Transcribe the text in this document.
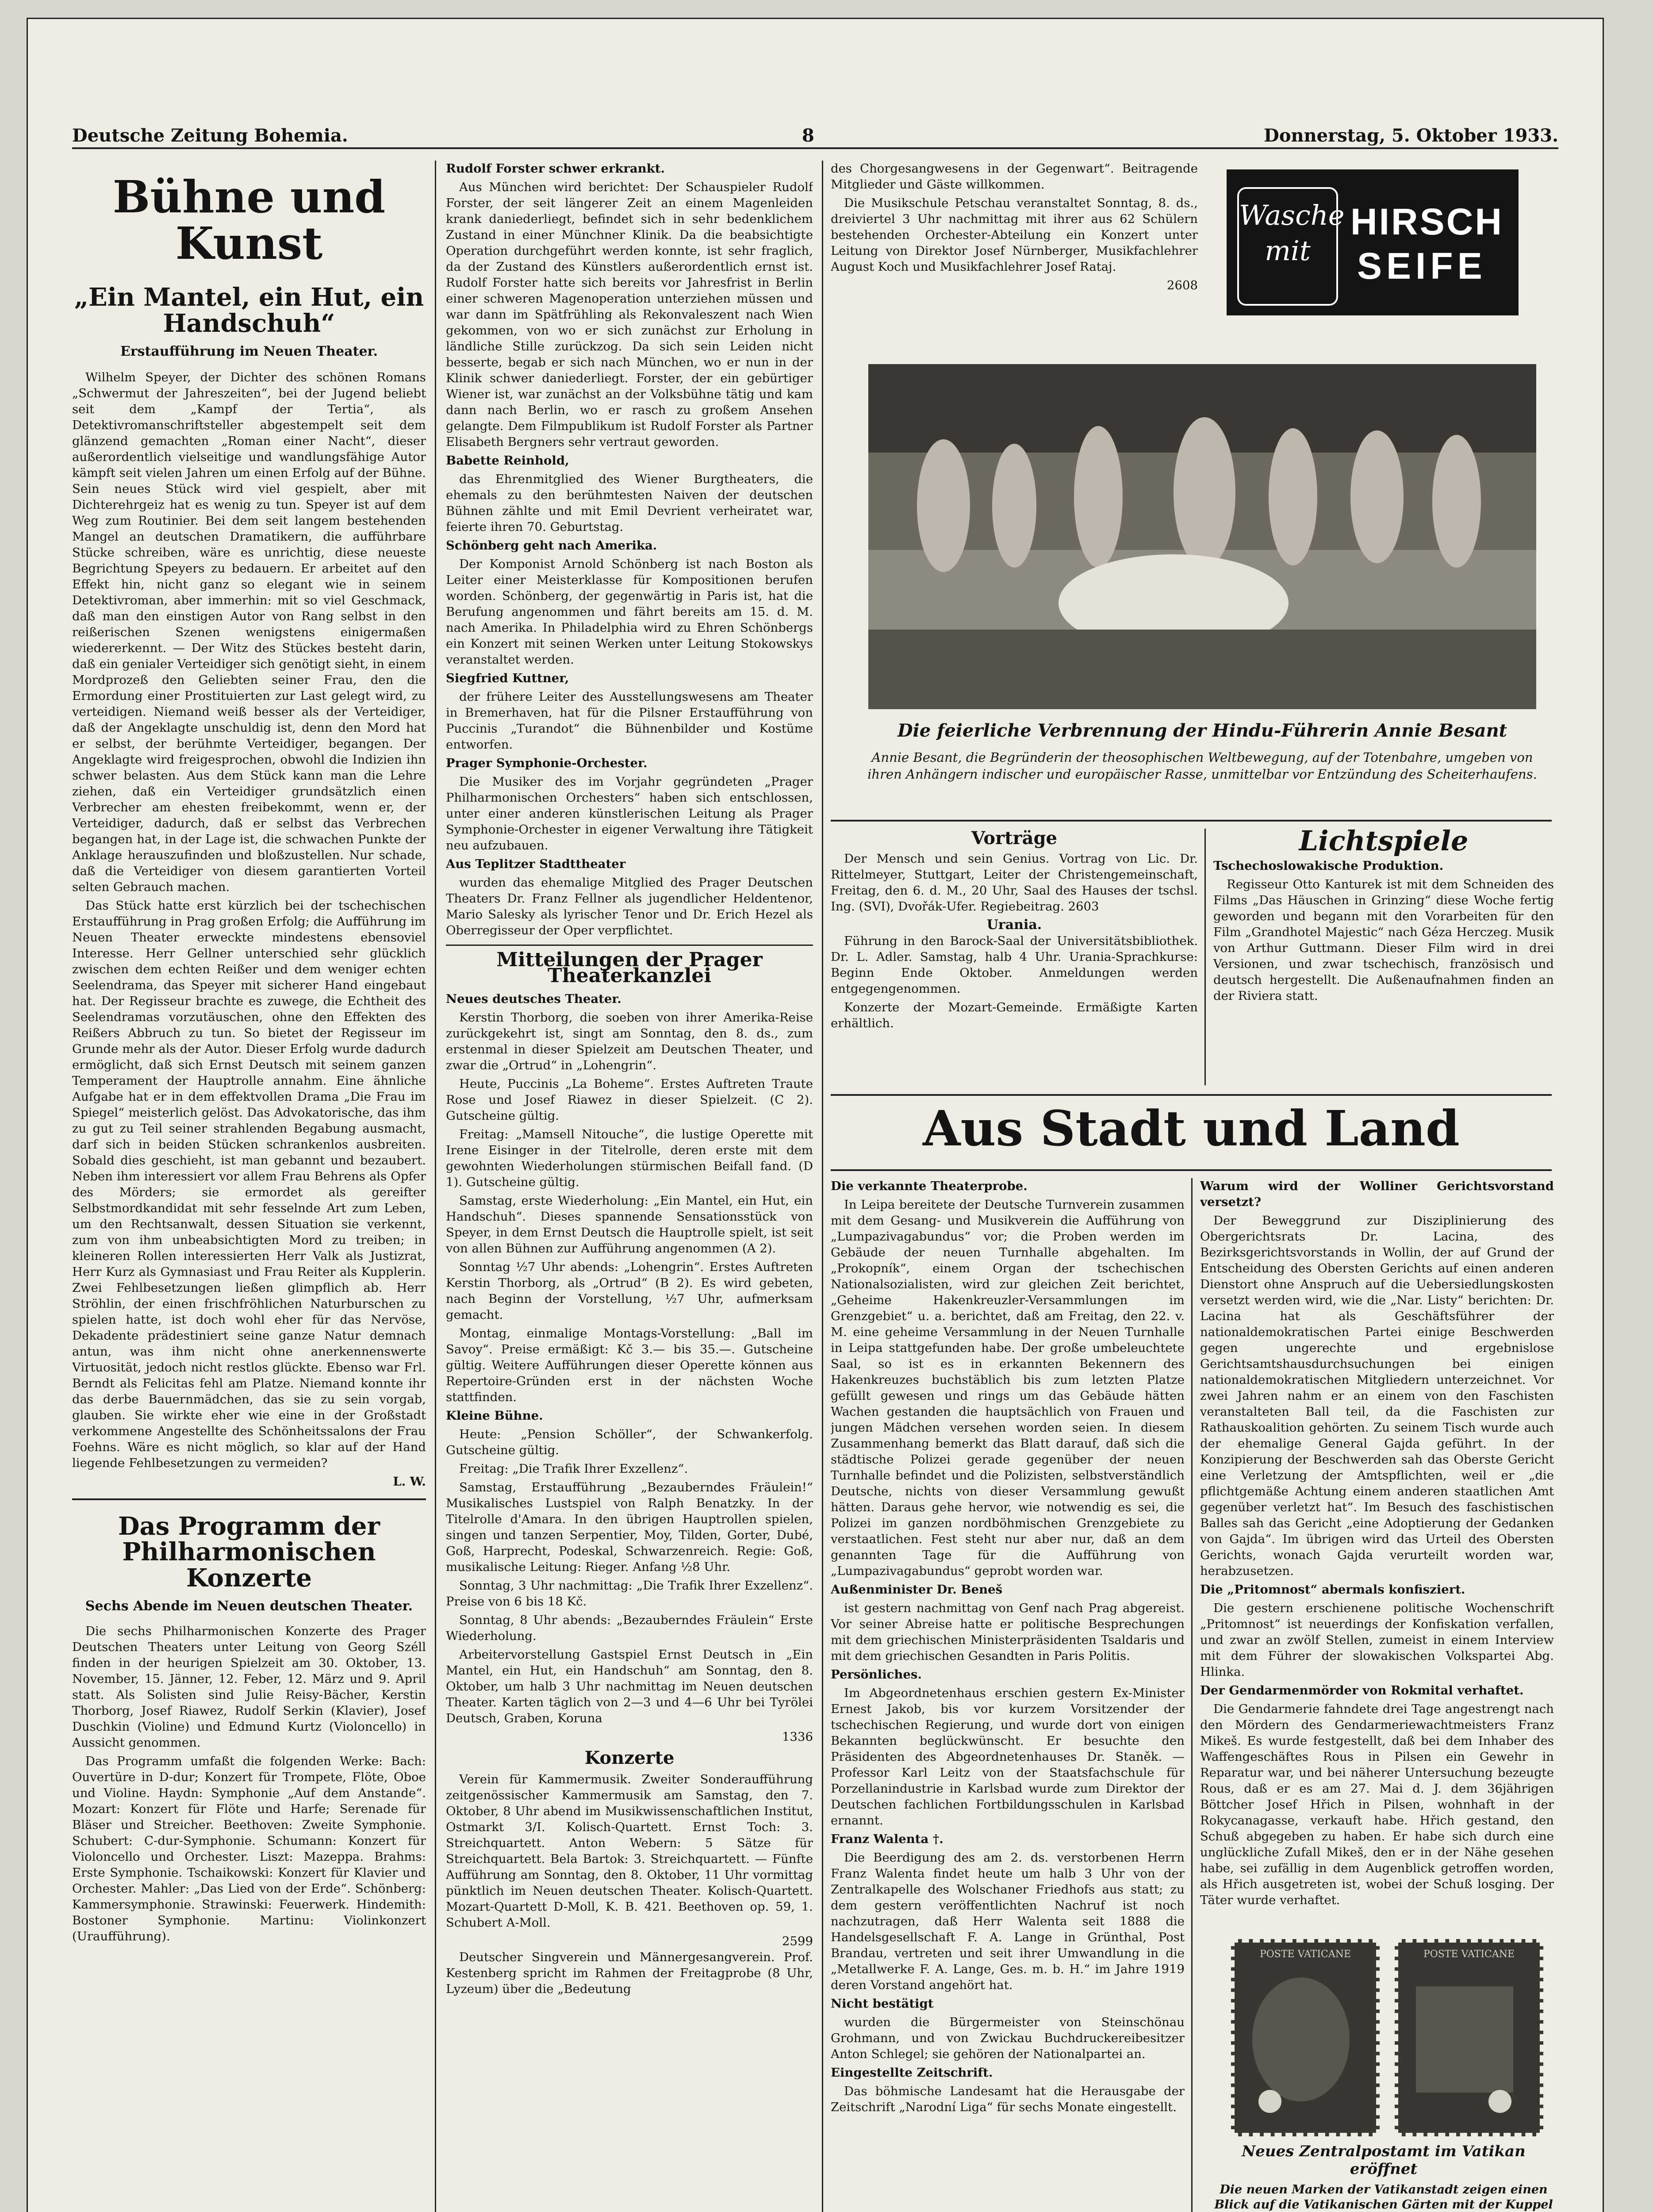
Deutsche Zeitung Bohemia.	8	Donnerstag, 5. Oktober 1933.
Bühne und Kunst
„Ein Mantel, ein Hut, ein Handschuh“
Erstaufführung im Neuen Theater.

Wilhelm Speyer, der Dichter des schönen Romans „Schwermut der Jahreszeiten“, bei der Jugend beliebt seit dem „Kampf der Tertia“, als Detektivromanschriftsteller abgestempelt seit dem glänzend gemachten „Roman einer Nacht“, dieser außerordentlich vielseitige und wandlungsfähige Autor kämpft seit vielen Jahren um einen Erfolg auf der Bühne. Sein neues Stück wird viel gespielt, aber mit Dichterehrgeiz hat es wenig zu tun. Speyer ist auf dem Weg zum Routinier. Bei dem seit langem bestehenden Mangel an deutschen Dramatikern, die aufführbare Stücke schreiben, wäre es unrichtig, diese neueste Begrichtung Speyers zu bedauern. Er arbeitet auf den Effekt hin, nicht ganz so elegant wie in seinem Detektivroman, aber immerhin: mit so viel Geschmack, daß man den einstigen Autor von Rang selbst in den reißerischen Szenen wenigstens einigermaßen wiedererkennt. — Der Witz des Stückes besteht darin, daß ein genialer Verteidiger sich genötigt sieht, in einem Mordprozeß den Geliebten seiner Frau, den die Ermordung einer Prostituierten zur Last gelegt wird, zu verteidigen. Niemand weiß besser als der Verteidiger, daß der Angeklagte unschuldig ist, denn den Mord hat er selbst, der berühmte Verteidiger, begangen. Der Angeklagte wird freigesprochen, obwohl die Indizien ihn schwer belasten. Aus dem Stück kann man die Lehre ziehen, daß ein Verteidiger grundsätzlich einen Verbrecher am ehesten freibekommt, wenn er, der Verteidiger, dadurch, daß er selbst das Verbrechen begangen hat, in der Lage ist, die schwachen Punkte der Anklage herauszufinden und bloßzustellen. Nur schade, daß die Verteidiger von diesem garantierten Vorteil selten Gebrauch machen.

Das Stück hatte erst kürzlich bei der tschechischen Erstaufführung in Prag großen Erfolg; die Aufführung im Neuen Theater erweckte mindestens ebensoviel Interesse. Herr Gellner unterschied sehr glücklich zwischen dem echten Reißer und dem weniger echten Seelendrama, das Speyer mit sicherer Hand eingebaut hat. Der Regisseur brachte es zuwege, die Echtheit des Seelendramas vorzutäuschen, ohne den Effekten des Reißers Abbruch zu tun. So bietet der Regisseur im Grunde mehr als der Autor. Dieser Erfolg wurde dadurch ermöglicht, daß sich Ernst Deutsch mit seinem ganzen Temperament der Hauptrolle annahm. Eine ähnliche Aufgabe hat er in dem effektvollen Drama „Die Frau im Spiegel“ meisterlich gelöst. Das Advokatorische, das ihm zu gut zu Teil seiner strahlenden Begabung ausmacht, darf sich in beiden Stücken schrankenlos ausbreiten. Sobald dies geschieht, ist man gebannt und bezaubert. Neben ihm interessiert vor allem Frau Behrens als Opfer des Mörders; sie ermordet als gereifter Selbstmordkandidat mit sehr fesselnde Art zum Leben, um den Rechtsanwalt, dessen Situation sie verkennt, zum von ihm unbeabsichtigten Mord zu treiben; in kleineren Rollen interessierten Herr Valk als Justizrat, Herr Kurz als Gymnasiast und Frau Reiter als Kupplerin. Zwei Fehlbesetzungen ließen glimpflich ab. Herr Ströhlin, der einen frischfröhlichen Naturburschen zu spielen hatte, ist doch wohl eher für das Nervöse, Dekadente prädestiniert seine ganze Natur demnach antun, was ihm nicht ohne anerkennenswerte Virtuosität, jedoch nicht restlos glückte. Ebenso war Frl. Berndt als Felicitas fehl am Platze. Niemand konnte ihr das derbe Bauernmädchen, das sie zu sein vorgab, glauben. Sie wirkte eher wie eine in der Großstadt verkommene Angestellte des Schönheitssalons der Frau Foehns. Wäre es nicht möglich, so klar auf der Hand liegende Fehlbesetzungen zu vermeiden?

L. W.
Das Programm der Philharmonischen Konzerte
Sechs Abende im Neuen deutschen Theater.

Die sechs Philharmonischen Konzerte des Prager Deutschen Theaters unter Leitung von Georg Széll finden in der heurigen Spielzeit am 30. Oktober, 13. November, 15. Jänner, 12. Feber, 12. März und 9. April statt. Als Solisten sind Julie Reisy-Bächer, Kerstin Thorborg, Josef Riawez, Rudolf Serkin (Klavier), Josef Duschkin (Violine) und Edmund Kurtz (Violoncello) in Aussicht genommen.

Das Programm umfaßt die folgenden Werke: Bach: Ouvertüre in D-dur; Konzert für Trompete, Flöte, Oboe und Violine. Haydn: Symphonie „Auf dem Anstande“. Mozart: Konzert für Flöte und Harfe; Serenade für Bläser und Streicher. Beethoven: Zweite Symphonie. Schubert: C-dur-Symphonie. Schumann: Konzert für Violoncello und Orchester. Liszt: Mazeppa. Brahms: Erste Symphonie. Tschaikowski: Konzert für Klavier und Orchester. Mahler: „Das Lied von der Erde“. Schönberg: Kammersymphonie. Strawinski: Feuerwerk. Hindemith: Bostoner Symphonie. Martinu: Violinkonzert (Uraufführung).

Rudolf Forster schwer erkrankt.

Aus München wird berichtet: Der Schauspieler Rudolf Forster, der seit längerer Zeit an einem Magenleiden krank daniederliegt, befindet sich in sehr bedenklichem Zustand in einer Münchner Klinik. Da die beabsichtigte Operation durchgeführt werden konnte, ist sehr fraglich, da der Zustand des Künstlers außerordentlich ernst ist. Rudolf Forster hatte sich bereits vor Jahresfrist in Berlin einer schweren Magenoperation unterziehen müssen und war dann im Spätfrühling als Rekonvaleszent nach Wien gekommen, von wo er sich zunächst zur Erholung in ländliche Stille zurückzog. Da sich sein Leiden nicht besserte, begab er sich nach München, wo er nun in der Klinik schwer daniederliegt. Forster, der ein gebürtiger Wiener ist, war zunächst an der Volksbühne tätig und kam dann nach Berlin, wo er rasch zu großem Ansehen gelangte. Dem Filmpublikum ist Rudolf Forster als Partner Elisabeth Bergners sehr vertraut geworden.

Babette Reinhold,

das Ehrenmitglied des Wiener Burgtheaters, die ehemals zu den berühmtesten Naiven der deutschen Bühnen zählte und mit Emil Devrient verheiratet war, feierte ihren 70. Geburtstag.

Schönberg geht nach Amerika.

Der Komponist Arnold Schönberg ist nach Boston als Leiter einer Meisterklasse für Kompositionen berufen worden. Schönberg, der gegenwärtig in Paris ist, hat die Berufung angenommen und fährt bereits am 15. d. M. nach Amerika. In Philadelphia wird zu Ehren Schönbergs ein Konzert mit seinen Werken unter Leitung Stokowskys veranstaltet werden.

Siegfried Kuttner,

der frühere Leiter des Ausstellungswesens am Theater in Bremerhaven, hat für die Pilsner Erstaufführung von Puccinis „Turandot“ die Bühnenbilder und Kostüme entworfen.

Prager Symphonie-Orchester.

Die Musiker des im Vorjahr gegründeten „Prager Philharmonischen Orchesters“ haben sich entschlossen, unter einer anderen künstlerischen Leitung als Prager Symphonie-Orchester in eigener Verwaltung ihre Tätigkeit neu aufzubauen.

Aus Teplitzer Stadttheater

wurden das ehemalige Mitglied des Prager Deutschen Theaters Dr. Franz Fellner als jugendlicher Heldentenor, Mario Salesky als lyrischer Tenor und Dr. Erich Hezel als Oberregisseur der Oper verpflichtet.

Mitteilungen der Prager Theaterkanzlei

Neues deutsches Theater.

Kerstin Thorborg, die soeben von ihrer Amerika-Reise zurückgekehrt ist, singt am Sonntag, den 8. ds., zum erstenmal in dieser Spielzeit am Deutschen Theater, und zwar die „Ortrud“ in „Lohengrin“.

Heute, Puccinis „La Boheme“. Erstes Auftreten Traute Rose und Josef Riawez in dieser Spielzeit. (C 2). Gutscheine gültig.

Freitag: „Mamsell Nitouche“, die lustige Operette mit Irene Eisinger in der Titelrolle, deren erste mit dem gewohnten Wiederholungen stürmischen Beifall fand. (D 1). Gutscheine gültig.

Samstag, erste Wiederholung: „Ein Mantel, ein Hut, ein Handschuh“. Dieses spannende Sensationsstück von Speyer, in dem Ernst Deutsch die Hauptrolle spielt, ist seit von allen Bühnen zur Aufführung angenommen (A 2).

Sonntag ½7 Uhr abends: „Lohengrin“. Erstes Auftreten Kerstin Thorborg, als „Ortrud“ (B 2). Es wird gebeten, nach Beginn der Vorstellung, ½7 Uhr, aufmerksam gemacht.

Montag, einmalige Montags-Vorstellung: „Ball im Savoy“. Preise ermäßigt: Kč 3.— bis 35.—. Gutscheine gültig. Weitere Aufführungen dieser Operette können aus Repertoire-Gründen erst in der nächsten Woche stattfinden.

Kleine Bühne.

Heute: „Pension Schöller“, der Schwankerfolg. Gutscheine gültig.

Freitag: „Die Trafik Ihrer Exzellenz“.

Samstag, Erstaufführung „Bezauberndes Fräulein!“ Musikalisches Lustspiel von Ralph Benatzky. In der Titelrolle d'Amara. In den übrigen Hauptrollen spielen, singen und tanzen Serpentier, Moy, Tilden, Gorter, Dubé, Goß, Harprecht, Podeskal, Schwarzenreich. Regie: Goß, musikalische Leitung: Rieger. Anfang ½8 Uhr.

Sonntag, 3 Uhr nachmittag: „Die Trafik Ihrer Exzellenz“. Preise von 6 bis 18 Kč.

Sonntag, 8 Uhr abends: „Bezauberndes Fräulein“ Erste Wiederholung.

Arbeitervorstellung Gastspiel Ernst Deutsch in „Ein Mantel, ein Hut, ein Handschuh“ am Sonntag, den 8. Oktober, um halb 3 Uhr nachmittag im Neuen deutschen Theater. Karten täglich von 2—3 und 4—6 Uhr bei Tyrölei Deutsch, Graben, Koruna

1336
Konzerte

Verein für Kammermusik. Zweiter Sonderaufführung zeitgenössischer Kammermusik am Samstag, den 7. Oktober, 8 Uhr abend im Musikwissenschaftlichen Institut, Ostmarkt 3/I. Kolisch-Quartett. Ernst Toch: 3. Streichquartett. Anton Webern: 5 Sätze für Streichquartett. Bela Bartok: 3. Streichquartett. — Fünfte Aufführung am Sonntag, den 8. Oktober, 11 Uhr vormittag pünktlich im Neuen deutschen Theater. Kolisch-Quartett. Mozart-Quartett D-Moll, K. B. 421. Beethoven op. 59, 1. Schubert A-Moll.

2599

Deutscher Singverein und Männergesangverein. Prof. Kestenberg spricht im Rahmen der Freitagprobe (8 Uhr, Lyzeum) über die „Bedeutung

des Chorgesangwesens in der Gegenwart“. Beitragende Mitglieder und Gäste willkommen.

Die Musikschule Petschau veranstaltet Sonntag, 8. ds., dreiviertel 3 Uhr nachmittag mit ihrer aus 62 Schülern bestehenden Orchester-Abteilung ein Konzert unter Leitung von Direktor Josef Nürnberger, Musikfachlehrer August Koch und Musikfachlehrer Josef Rataj.

2608
Wasche mit
HIRSCH
SEIFE
Die feierliche Verbrennung der Hindu-Führerin Annie Besant
Annie Besant, die Begründerin der theosophischen Weltbewegung, auf der Totenbahre, umgeben von ihren Anhängern indischer und europäischer Rasse, unmittelbar vor Entzündung des Scheiterhaufens.
Vorträge

Der Mensch und sein Genius. Vortrag von Lic. Dr. Rittelmeyer, Stuttgart, Leiter der Christengemeinschaft, Freitag, den 6. d. M., 20 Uhr, Saal des Hauses der tschsl. Ing. (SVI), Dvořák-Ufer. Regiebeitrag. 2603

Urania.

Führung in den Barock-Saal der Universitätsbibliothek. Dr. L. Adler. Samstag, halb 4 Uhr. Urania-Sprachkurse: Beginn Ende Oktober. Anmeldungen werden entgegengenommen.

Konzerte der Mozart-Gemeinde. Ermäßigte Karten erhältlich.

Lichtspiele

Tschechoslowakische Produktion.

Regisseur Otto Kanturek ist mit dem Schneiden des Films „Das Häuschen in Grinzing“ diese Woche fertig geworden und begann mit den Vorarbeiten für den Film „Grandhotel Majestic“ nach Géza Herczeg. Musik von Arthur Guttmann. Dieser Film wird in drei Versionen, und zwar tschechisch, französisch und deutsch hergestellt. Die Außenaufnahmen finden an der Riviera statt.

Aus Stadt und Land

Die verkannte Theaterprobe.

In Leipa bereitete der Deutsche Turnverein zusammen mit dem Gesang- und Musikverein die Aufführung von „Lumpazivagabundus“ vor; die Proben werden im Gebäude der neuen Turnhalle abgehalten. Im „Prokopník“, einem Organ der tschechischen Nationalsozialisten, wird zur gleichen Zeit berichtet, „Geheime Hakenkreuzler-Versammlungen im Grenzgebiet“ u. a. berichtet, daß am Freitag, den 22. v. M. eine geheime Versammlung in der Neuen Turnhalle in Leipa stattgefunden habe. Der große umbeleuchtete Saal, so ist es in erkannten Bekennern des Hakenkreuzes buchstäblich bis zum letzten Platze gefüllt gewesen und rings um das Gebäude hätten Wachen gestanden die hauptsächlich von Frauen und jungen Mädchen versehen worden seien. In diesem Zusammenhang bemerkt das Blatt darauf, daß sich die städtische Polizei gerade gegenüber der neuen Turnhalle befindet und die Polizisten, selbstverständlich Deutsche, nichts von dieser Versammlung gewußt hätten. Daraus gehe hervor, wie notwendig es sei, die Polizei im ganzen nordböhmischen Grenzgebiete zu verstaatlichen. Fest steht nur aber nur, daß an dem genannten Tage für die Aufführung von „Lumpazivagabundus“ geprobt worden war.

Außenminister Dr. Beneš

ist gestern nachmittag von Genf nach Prag abgereist. Vor seiner Abreise hatte er politische Besprechungen mit dem griechischen Ministerpräsidenten Tsaldaris und mit dem griechischen Gesandten in Paris Politis.

Persönliches.

Im Abgeordnetenhaus erschien gestern Ex-Minister Ernest Jakob, bis vor kurzem Vorsitzender der tschechischen Regierung, und wurde dort von einigen Bekannten beglückwünscht. Er besuchte den Präsidenten des Abgeordnetenhauses Dr. Staněk. — Professor Karl Leitz von der Staatsfachschule für Porzellanindustrie in Karlsbad wurde zum Direktor der Deutschen fachlichen Fortbildungsschulen in Karlsbad ernannt.

Franz Walenta †.

Die Beerdigung des am 2. ds. verstorbenen Herrn Franz Walenta findet heute um halb 3 Uhr von der Zentralkapelle des Wolschaner Friedhofs aus statt; zu dem gestern veröffentlichten Nachruf ist noch nachzutragen, daß Herr Walenta seit 1888 die Handelsgesellschaft F. A. Lange in Grünthal, Post Brandau, vertreten und seit ihrer Umwandlung in die „Metallwerke F. A. Lange, Ges. m. b. H.“ im Jahre 1919 deren Vorstand angehört hat.

Nicht bestätigt

wurden die Bürgermeister von Steinschönau Grohmann, und von Zwickau Buchdruckereibesitzer Anton Schlegel; sie gehören der Nationalpartei an.

Eingestellte Zeitschrift.

Das böhmische Landesamt hat die Herausgabe der Zeitschrift „Narodní Liga“ für sechs Monate eingestellt.

Warum wird der Wolliner Gerichtsvorstand versetzt?

Der Beweggrund zur Disziplinierung des Obergerichtsrats Dr. Lacina, des Bezirksgerichtsvorstands in Wollin, der auf Grund der Entscheidung des Obersten Gerichts auf einen anderen Dienstort ohne Anspruch auf die Uebersiedlungskosten versetzt werden wird, wie die „Nar. Listy“ berichten: Dr. Lacina hat als Geschäftsführer der nationaldemokratischen Partei einige Beschwerden gegen ungerechte und ergebnislose Gerichtsamtshausdurchsuchungen bei einigen nationaldemokratischen Mitgliedern unterzeichnet. Vor zwei Jahren nahm er an einem von den Faschisten veranstalteten Ball teil, da die Faschisten zur Rathauskoalition gehörten. Zu seinem Tisch wurde auch der ehemalige General Gajda geführt. In der Konzipierung der Beschwerden sah das Oberste Gericht eine Verletzung der Amtspflichten, weil er „die pflichtgemäße Achtung einem anderen staatlichen Amt gegenüber verletzt hat“. Im Besuch des faschistischen Balles sah das Gericht „eine Adoptierung der Gedanken von Gajda“. Im übrigen wird das Urteil des Obersten Gerichts, wonach Gajda verurteilt worden war, herabzusetzen.

Die „Pritomnost“ abermals konfisziert.

Die gestern erschienene politische Wochenschrift „Pritomnost“ ist neuerdings der Konfiskation verfallen, und zwar an zwölf Stellen, zumeist in einem Interview mit dem Führer der slowakischen Volkspartei Abg. Hlinka.

Der Gendarmenmörder von Rokmital verhaftet.

Die Gendarmerie fahndete drei Tage angestrengt nach den Mördern des Gendarmeriewachtmeisters Franz Mikeš. Es wurde festgestellt, daß bei dem Inhaber des Waffengeschäftes Rous in Pilsen ein Gewehr in Reparatur war, und bei näherer Untersuchung bezeugte Rous, daß er es am 27. Mai d. J. dem 36jährigen Böttcher Josef Hřich in Pilsen, wohnhaft in der Rokycanagasse, verkauft habe. Hřich gestand, den Schuß abgegeben zu haben. Er habe sich durch eine unglückliche Zufall Mikeš, den er in der Nähe gesehen habe, sei zufällig in dem Augenblick getroffen worden, als Hřich ausgetreten ist, wobei der Schuß losging. Der Täter wurde verhaftet.

POSTE VATICANE	POSTE VATICANE
Neues Zentralpostamt im Vatikan eröffnet
Die neuen Marken der Vatikanstadt zeigen einen Blick auf die Vatikanischen Gärten mit der Kuppel
